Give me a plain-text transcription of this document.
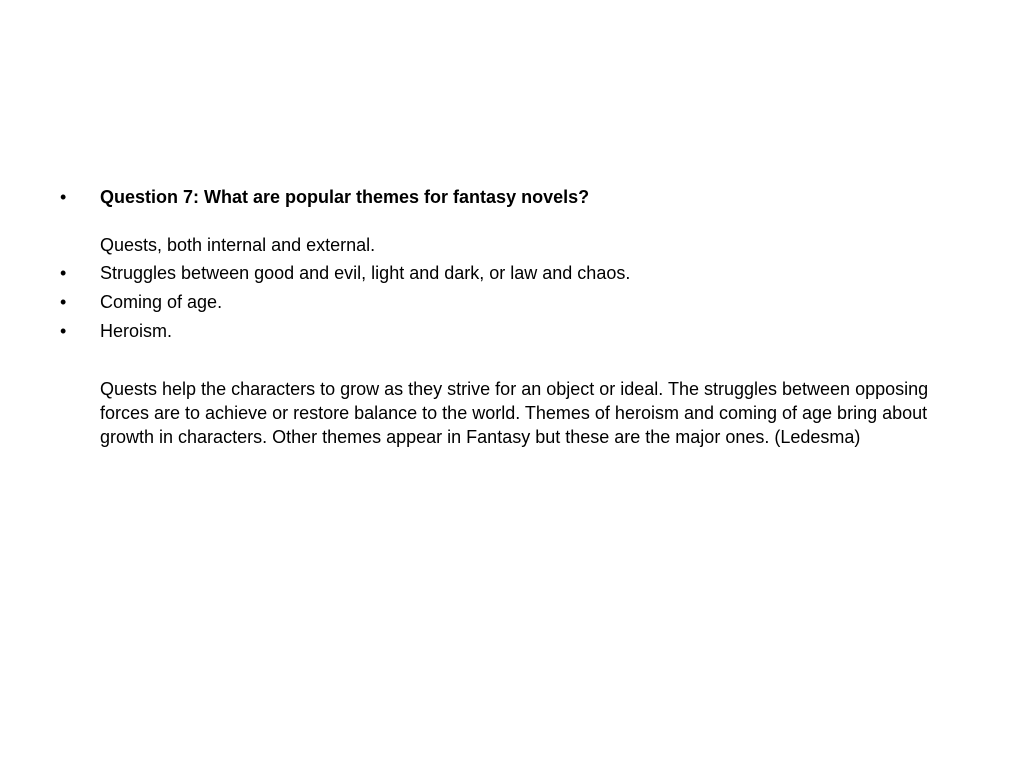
• Question 7: What are popular themes for fantasy novels?
Quests, both internal and external.
• Struggles between good and evil, light and dark, or law and chaos.
• Coming of age.
• Heroism.
Quests help the characters to grow as they strive for an object or ideal. The struggles between opposing forces are to achieve or restore balance to the world. Themes of heroism and coming of age bring about growth in characters. Other themes appear in Fantasy but these are the major ones. (Ledesma)
